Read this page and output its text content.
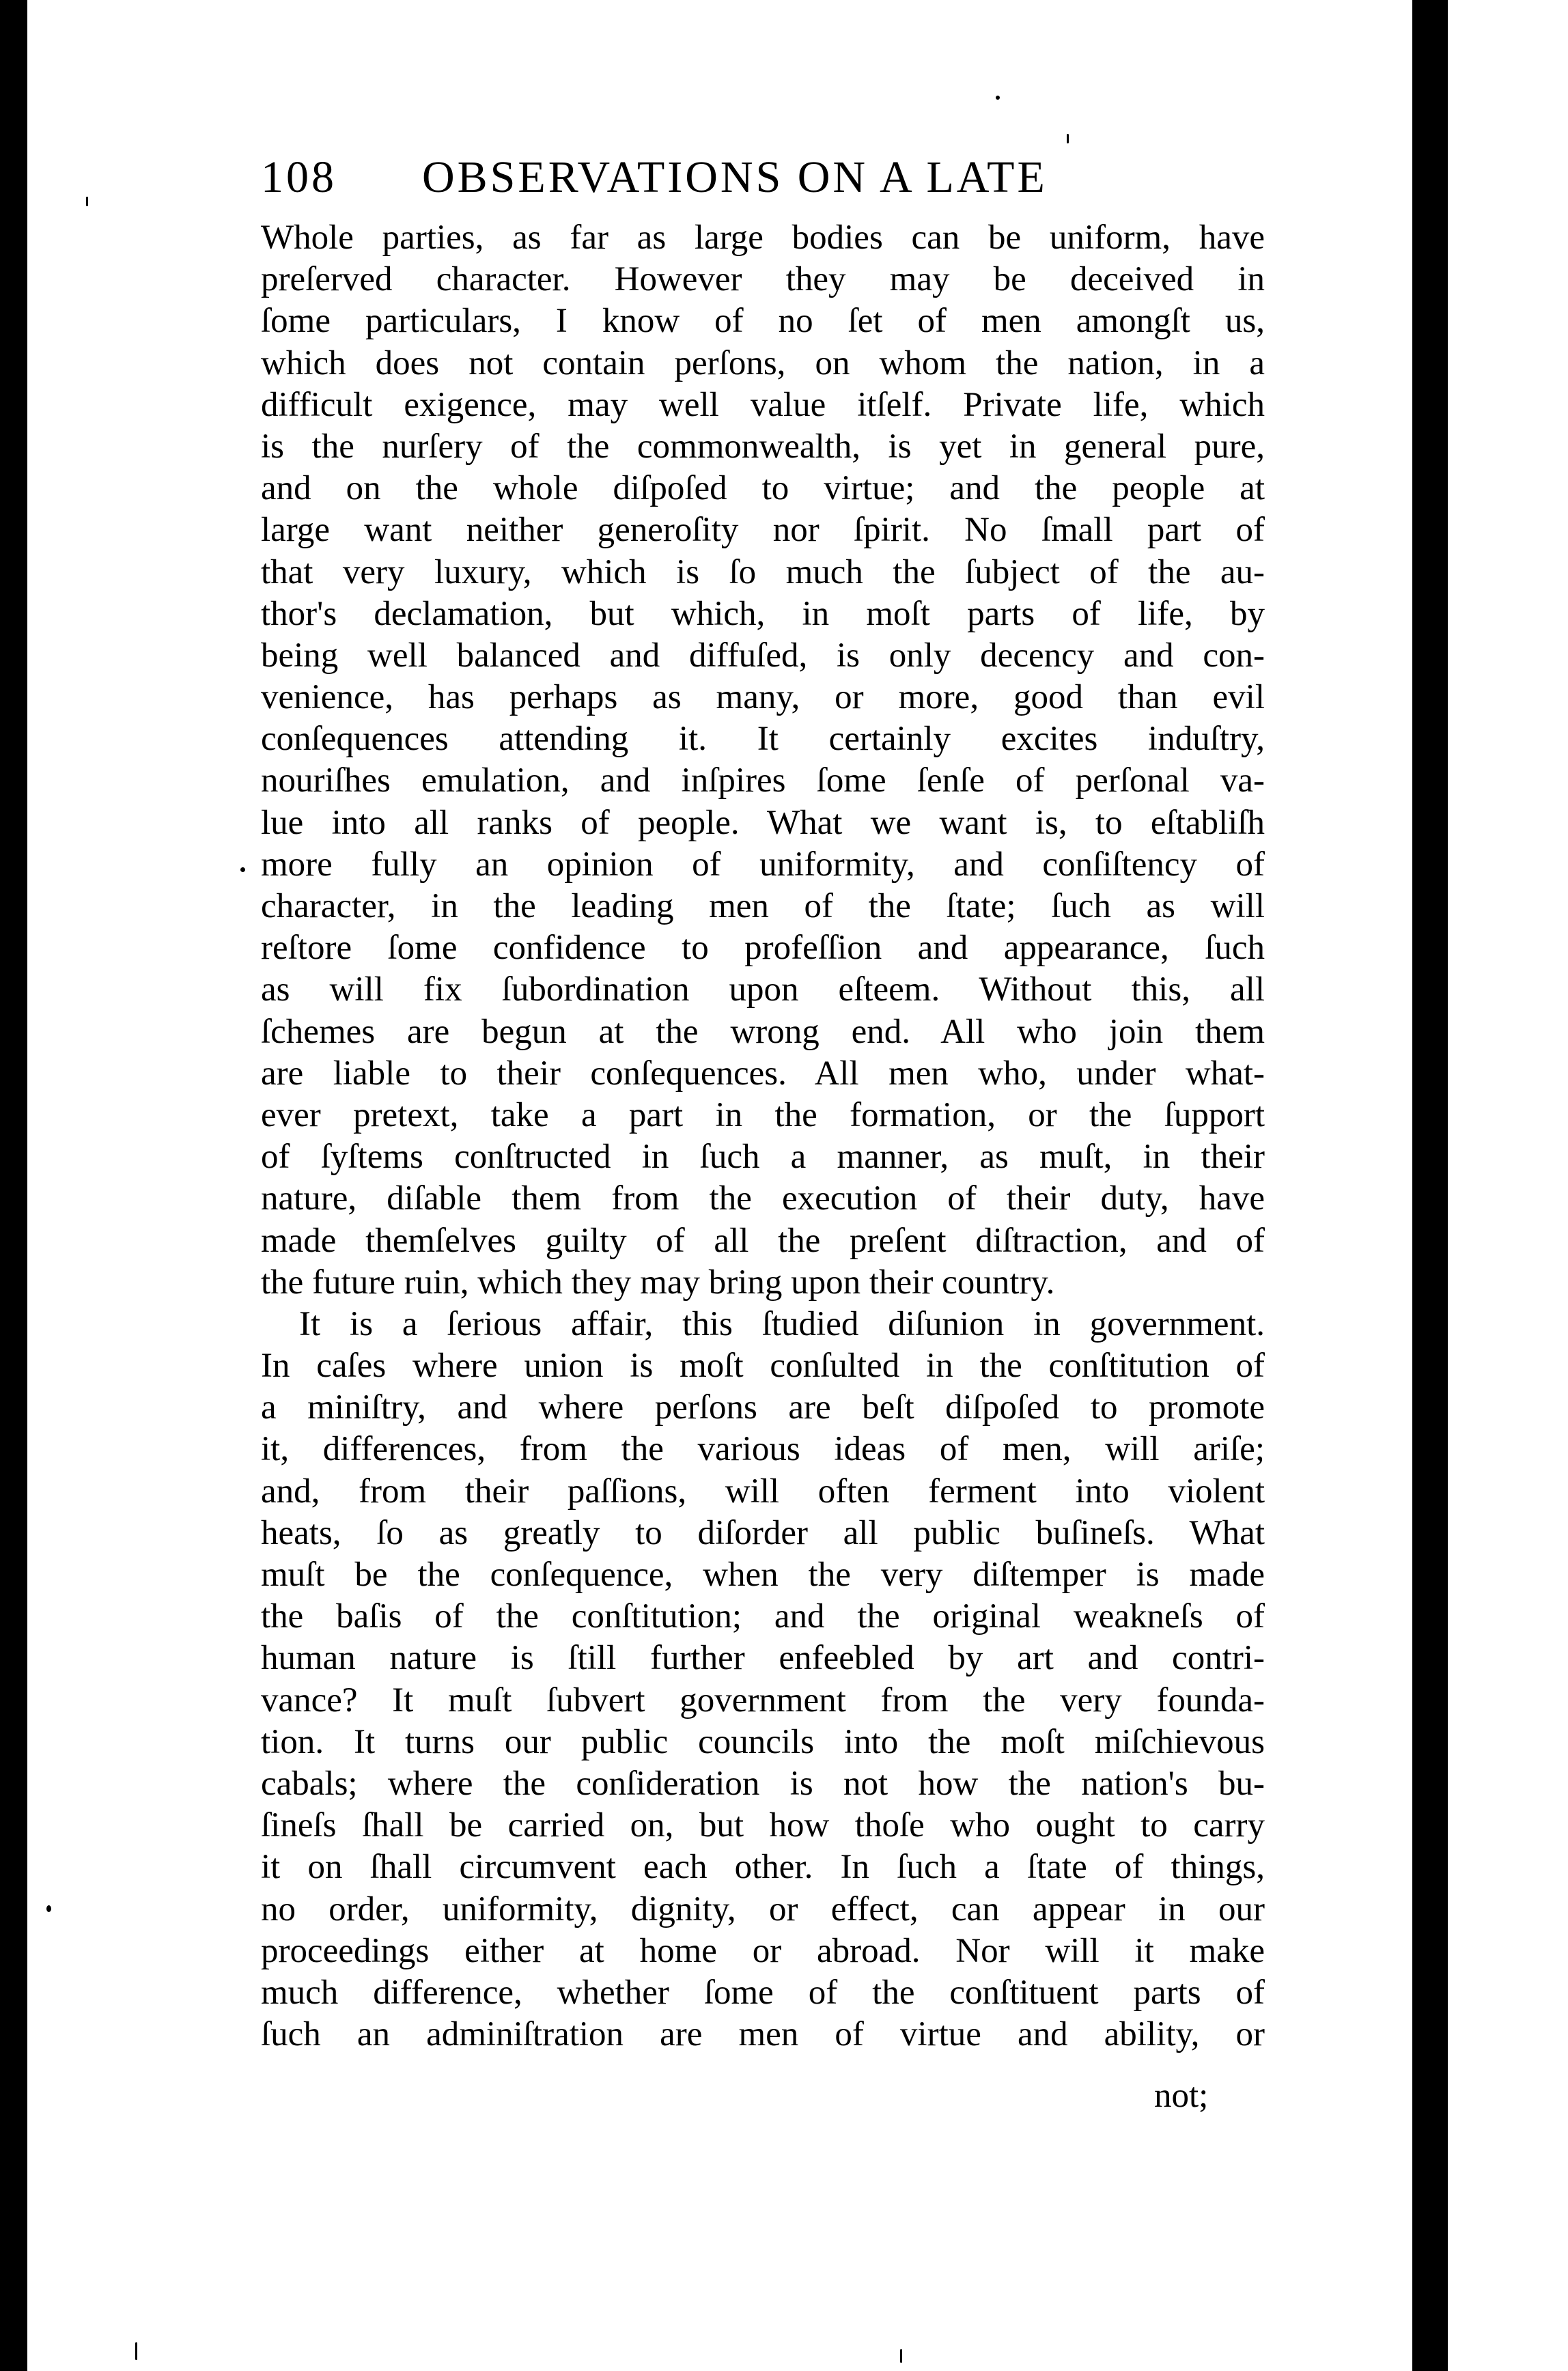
108 OBSERVATIONS ON A LATE
Whole parties, as far as large bodies can be uniform, have
preſerved character. However they may be deceived in
ſome particulars, I know of no ſet of men amongſt us,
which does not contain perſons, on whom the nation, in a
difficult exigence, may well value itſelf. Private life, which
is the nurſery of the commonwealth, is yet in general pure,
and on the whole diſpoſed to virtue; and the people at
large want neither generoſity nor ſpirit. No ſmall part of
that very luxury, which is ſo much the ſubject of the au-
thor's declamation, but which, in moſt parts of life, by
being well balanced and diffuſed, is only decency and con-
venience, has perhaps as many, or more, good than evil
conſequences attending it. It certainly excites induſtry,
nouriſhes emulation, and inſpires ſome ſenſe of perſonal va-
lue into all ranks of people. What we want is, to eſtabliſh
more fully an opinion of uniformity, and conſiſtency of
character, in the leading men of the ſtate; ſuch as will
reſtore ſome confidence to profeſſion and appearance, ſuch
as will fix ſubordination upon eſteem. Without this, all
ſchemes are begun at the wrong end. All who join them
are liable to their conſequences. All men who, under what-
ever pretext, take a part in the formation, or the ſupport
of ſyſtems conſtructed in ſuch a manner, as muſt, in their
nature, diſable them from the execution of their duty, have
made themſelves guilty of all the preſent diſtraction, and of
the future ruin, which they may bring upon their country.
It is a ſerious affair, this ſtudied diſunion in government.
In caſes where union is moſt conſulted in the conſtitution of
a miniſtry, and where perſons are beſt diſpoſed to promote
it, differences, from the various ideas of men, will ariſe;
and, from their paſſions, will often ferment into violent
heats, ſo as greatly to diſorder all public buſineſs. What
muſt be the conſequence, when the very diſtemper is made
the baſis of the conſtitution; and the original weakneſs of
human nature is ſtill further enfeebled by art and contri-
vance? It muſt ſubvert government from the very founda-
tion. It turns our public councils into the moſt miſchievous
cabals; where the conſideration is not how the nation's bu-
ſineſs ſhall be carried on, but how thoſe who ought to carry
it on ſhall circumvent each other. In ſuch a ſtate of things,
no order, uniformity, dignity, or effect, can appear in our
proceedings either at home or abroad. Nor will it make
much difference, whether ſome of the conſtituent parts of
ſuch an adminiſtration are men of virtue and ability, or
not;
